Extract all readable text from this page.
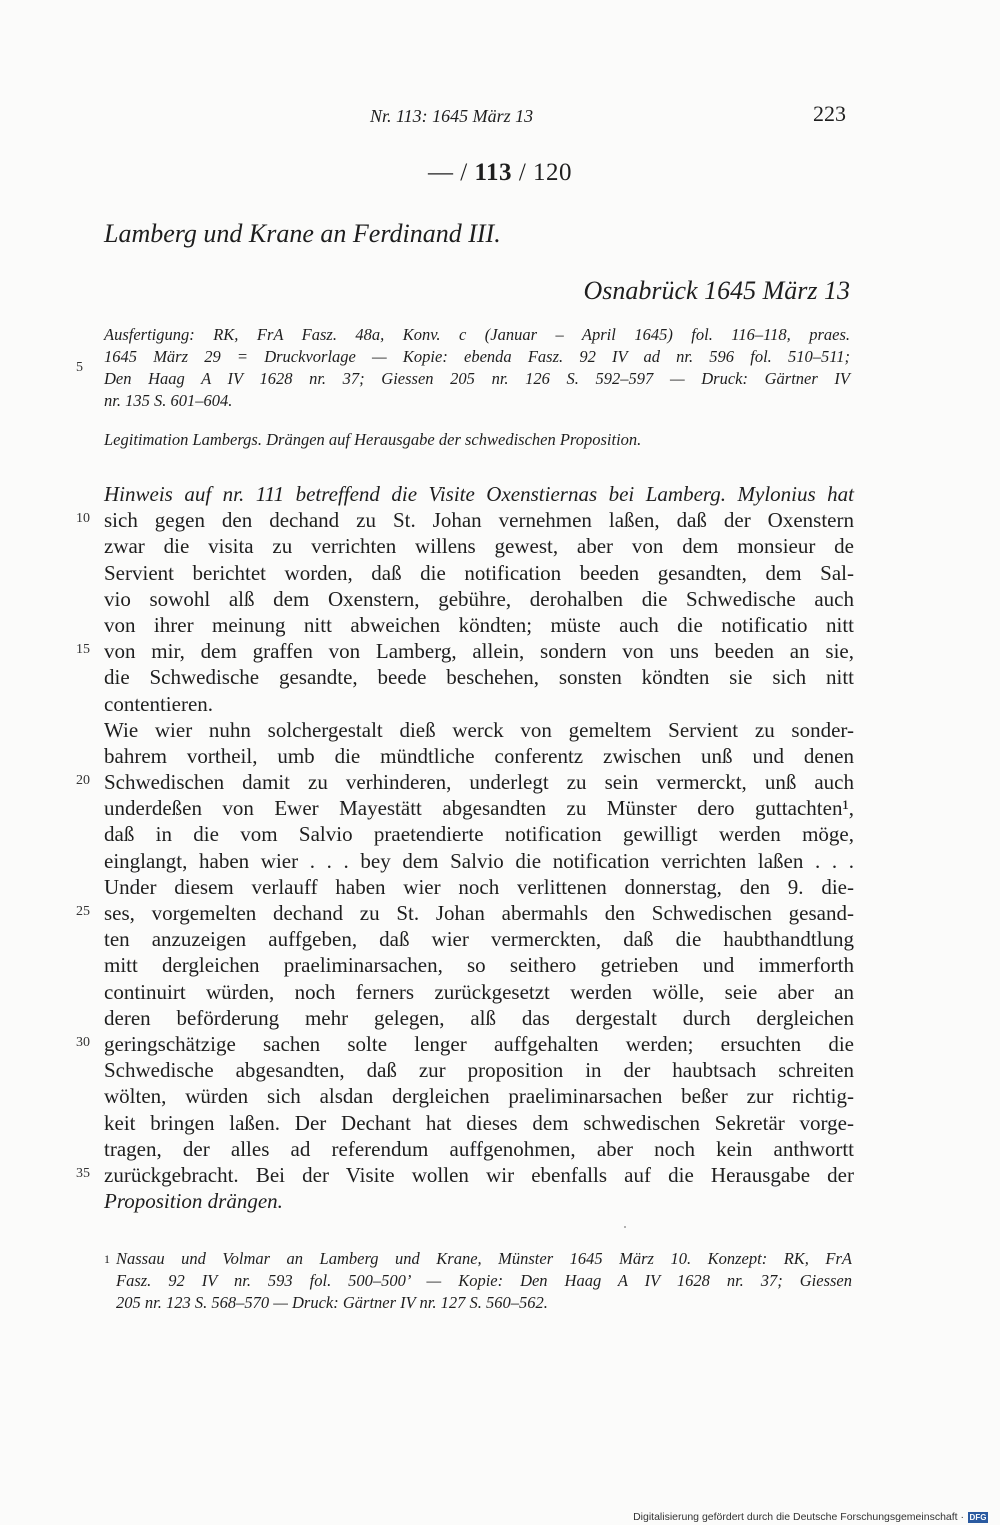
Nr. 113: 1645 März 13	223
— / 113 / 120
Lamberg und Krane an Ferdinand III.
Osnabrück 1645 März 13
Ausfertigung: RK, FrA Fasz. 48a, Konv. c (Januar – April 1645) fol. 116–118, praes.
1645 März 29 = Druckvorlage — Kopie: ebenda Fasz. 92 IV ad nr. 596 fol. 510–511;
Den Haag A IV 1628 nr. 37; Giessen 205 nr. 126 S. 592–597 — Druck: Gärtner IV
nr. 135 S. 601–604.
5
Legitimation Lambergs. Drängen auf Herausgabe der schwedischen Proposition.
Hinweis auf nr. 111 betreffend die Visite Oxenstiernas bei Lamberg. Mylonius hat
sich gegen den dechand zu St. Johan vernehmen laßen, daß der Oxenstern
zwar die visita zu verrichten willens gewest, aber von dem monsieur de
Servient berichtet worden, daß die notification beeden gesandten, dem Sal-
vio sowohl alß dem Oxenstern, gebühre, derohalben die Schwedische auch
von ihrer meinung nitt abweichen köndten; müste auch die notificatio nitt
von mir, dem graffen von Lamberg, allein, sondern von uns beeden an sie,
die Schwedische gesandte, beede beschehen, sonsten köndten sie sich nitt
contentieren.
Wie wier nuhn solchergestalt dieß werck von gemeltem Servient zu sonder-
bahrem vortheil, umb die mündtliche conferentz zwischen unß und denen
Schwedischen damit zu verhinderen, underlegt zu sein vermerckt, unß auch
underdeßen von Ewer Mayestätt abgesandten zu Münster dero guttachten¹,
daß in die vom Salvio praetendierte notification gewilligt werden möge,
einglangt, haben wier . . . bey dem Salvio die notification verrichten laßen . . .
Under diesem verlauff haben wier noch verlittenen donnerstag, den 9. die-
ses, vorgemelten dechand zu St. Johan abermahls den Schwedischen gesand-
ten anzuzeigen auffgeben, daß wier vermerckten, daß die haubthandtlung
mitt dergleichen praeliminarsachen, so seithero getrieben und immerforth
continuirt würden, noch ferners zurückgesetzt werden wölle, seie aber an
deren beförderung mehr gelegen, alß das dergestalt durch dergleichen
geringschätzige sachen solte lenger auffgehalten werden; ersuchten die
Schwedische abgesandten, daß zur proposition in der haubtsach schreiten
wölten, würden sich alsdan dergleichen praeliminarsachen beßer zur richtig-
keit bringen laßen. Der Dechant hat dieses dem schwedischen Sekretär vorge-
tragen, der alles ad referendum auffgenohmen, aber noch kein anthwortt
zurückgebracht. Bei der Visite wollen wir ebenfalls auf die Herausgabe der
Proposition drängen.
10
15
20
25
30
35
1 Nassau und Volmar an Lamberg und Krane, Münster 1645 März 10. Konzept: RK, FrA
Fasz. 92 IV nr. 593 fol. 500–500’ — Kopie: Den Haag A IV 1628 nr. 37; Giessen
205 nr. 123 S. 568–570 — Druck: Gärtner IV nr. 127 S. 560–562.
Digitalisierung gefördert durch die Deutsche Forschungsgemeinschaft · DFG
